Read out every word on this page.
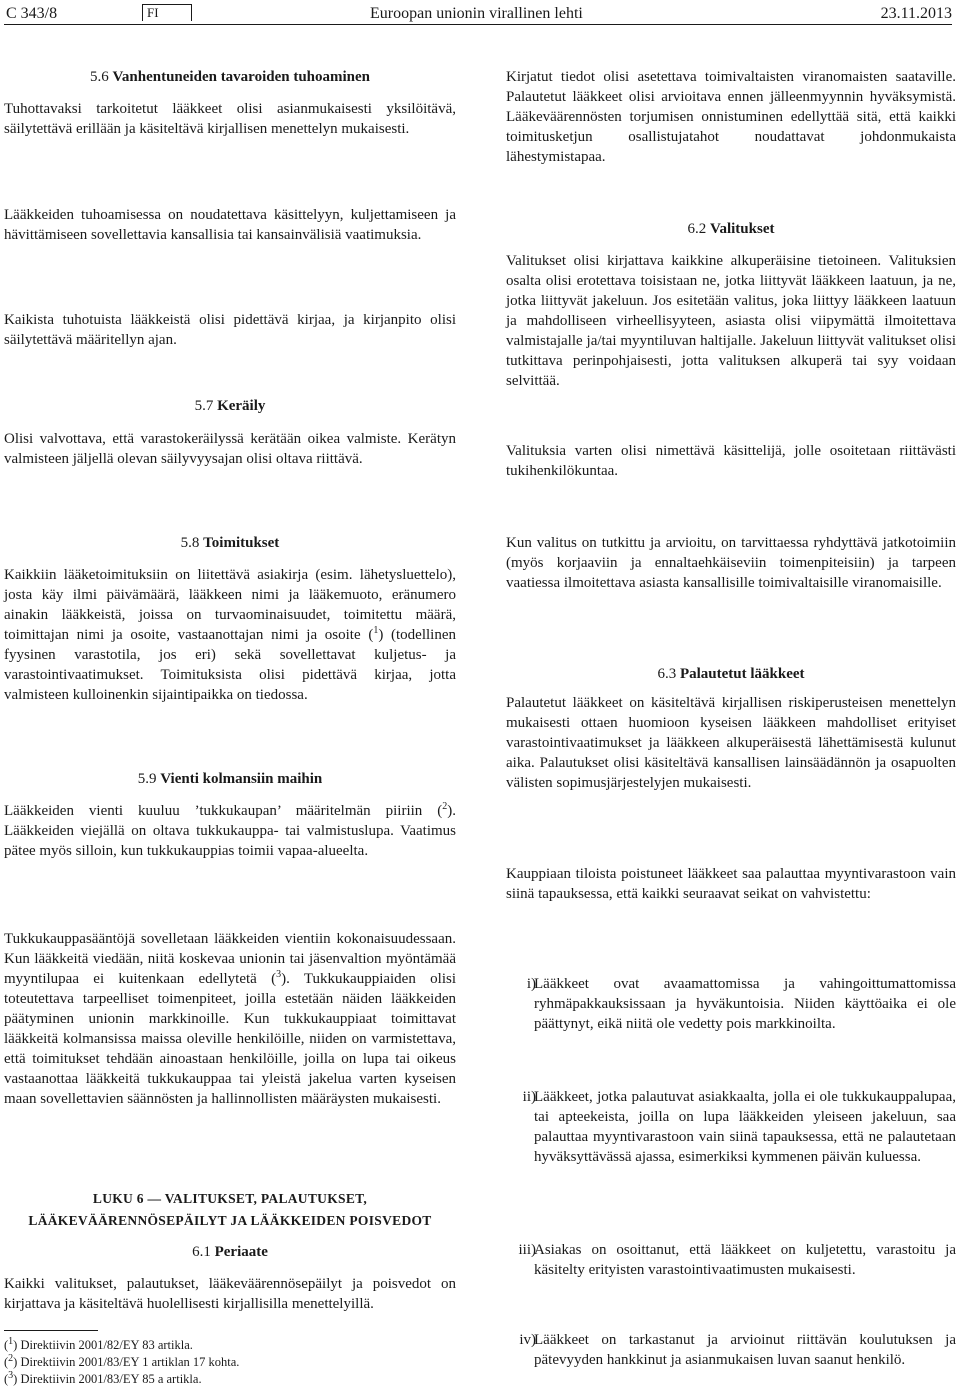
C 343/8	FI	Euroopan unionin virallinen lehti	23.11.2013
5.6 Vanhentuneiden tavaroiden tuhoaminen

Tuhottavaksi tarkoitetut lääkkeet olisi asianmukaisesti yksilöitävä, säilytettävä erillään ja käsiteltävä kirjallisen menettelyn mukaisesti.

Lääkkeiden tuhoamisessa on noudatettava käsittelyyn, kuljettamiseen ja hävittämiseen sovellettavia kansallisia tai kansainvälisiä vaatimuksia.

Kaikista tuhotuista lääkkeistä olisi pidettävä kirjaa, ja kirjanpito olisi säilytettävä määritellyn ajan.

5.7 Keräily

Olisi valvottava, että varastokeräilyssä kerätään oikea valmiste. Kerätyn valmisteen jäljellä olevan säilyvyysajan olisi oltava riittävä.

5.8 Toimitukset

Kaikkiin lääketoimituksiin on liitettävä asiakirja (esim. lähetysluettelo), josta käy ilmi päivämäärä, lääkkeen nimi ja lääkemuoto, eränumero ainakin lääkkeistä, joissa on turvaominaisuudet, toimitettu määrä, toimittajan nimi ja osoite, vastaanottajan nimi ja osoite ($^1$) (todellinen fyysinen varastotila, jos eri) sekä sovellettavat kuljetus- ja varastointivaatimukset. Toimituksista olisi pidettävä kirjaa, jotta valmisteen kulloinenkin sijaintipaikka on tiedossa.

5.9 Vienti kolmansiin maihin

Lääkkeiden vienti kuuluu ’tukkukaupan’ määritelmän piiriin ($^2$). Lääkkeiden viejällä on oltava tukkukauppa- tai valmistuslupa. Vaatimus pätee myös silloin, kun tukkukauppias toimii vapaa-alueelta.

Tukkukauppasääntöjä sovelletaan lääkkeiden vientiin kokonaisuudessaan. Kun lääkkeitä viedään, niitä koskevaa unionin tai jäsenvaltion myöntämää myyntilupaa ei kuitenkaan edellytetä ($^3$). Tukkukauppiaiden olisi toteutettava tarpeelliset toimenpiteet, joilla estetään näiden lääkkeiden päätyminen unionin markkinoille. Kun tukkukauppiaat toimittavat lääkkeitä kolmansissa maissa oleville henkilöille, niiden on varmistettava, että toimitukset tehdään ainoastaan henkilöille, joilla on lupa tai oikeus vastaanottaa lääkkeitä tukkukauppaa tai yleistä jakelua varten kyseisen maan sovellettavien säännösten ja hallinnollisten määräysten mukaisesti.

LUKU 6 — VALITUKSET, PALAUTUKSET,
LÄÄKEVÄÄRENNÖSEPÄILYT JA LÄÄKKEIDEN POISVEDOT
6.1 Periaate

Kaikki valitukset, palautukset, lääkeväärennösepäilyt ja poisvedot on kirjattava ja käsiteltävä huolellisesti kirjallisilla menettelyillä.

($^1$) Direktiivin 2001/82/EY 83 artikla.
($^2$) Direktiivin 2001/83/EY 1 artiklan 17 kohta.
($^3$) Direktiivin 2001/83/EY 85 a artikla.

Kirjatut tiedot olisi asetettava toimivaltaisten viranomaisten saataville. Palautetut lääkkeet olisi arvioitava ennen jälleenmyynnin hyväksymistä. Lääkeväärennösten torjumisen onnistuminen edellyttää sitä, että kaikki toimitusketjun osallistujatahot noudattavat johdonmukaista lähestymistapaa.

6.2 Valitukset

Valitukset olisi kirjattava kaikkine alkuperäisine tietoineen. Valituksien osalta olisi erotettava toisistaan ne, jotka liittyvät lääkkeen laatuun, ja ne, jotka liittyvät jakeluun. Jos esitetään valitus, joka liittyy lääkkeen laatuun ja mahdolliseen virheellisyyteen, asiasta olisi viipymättä ilmoitettava valmistajalle ja/tai myyntiluvan haltijalle. Jakeluun liittyvät valitukset olisi tutkittava perinpohjaisesti, jotta valituksen alkuperä tai syy voidaan selvittää.

Valituksia varten olisi nimettävä käsittelijä, jolle osoitetaan riittävästi tukihenkilökuntaa.

Kun valitus on tutkittu ja arvioitu, on tarvittaessa ryhdyttävä jatkotoimiin (myös korjaaviin ja ennaltaehkäiseviin toimenpiteisiin) ja tarpeen vaatiessa ilmoitettava asiasta kansallisille toimivaltaisille viranomaisille.

6.3 Palautetut lääkkeet

Palautetut lääkkeet on käsiteltävä kirjallisen riskiperusteisen menettelyn mukaisesti ottaen huomioon kyseisen lääkkeen mahdolliset erityiset varastointivaatimukset ja lääkkeen alkuperäisestä lähettämisestä kulunut aika. Palautukset olisi käsiteltävä kansallisen lainsäädännön ja osapuolten välisten sopimusjärjestelyjen mukaisesti.

Kauppiaan tiloista poistuneet lääkkeet saa palauttaa myyntivarastoon vain siinä tapauksessa, että kaikki seuraavat seikat on vahvistettu:

i)
Lääkkeet ovat avaamattomissa ja vahingoittumattomissa ryhmäpakkauksissaan ja hyväkuntoisia. Niiden käyttöaika ei ole päättynyt, eikä niitä ole vedetty pois markkinoilta.
ii)
Lääkkeet, jotka palautuvat asiakkaalta, jolla ei ole tukkukauppalupaa, tai apteekeista, joilla on lupa lääkkeiden yleiseen jakeluun, saa palauttaa myyntivarastoon vain siinä tapauksessa, että ne palautetaan hyväksyttävässä ajassa, esimerkiksi kymmenen päivän kuluessa.
iii)
Asiakas on osoittanut, että lääkkeet on kuljetettu, varastoitu ja käsitelty erityisten varastointivaatimusten mukaisesti.
iv)
Lääkkeet on tarkastanut ja arvioinut riittävän koulutuksen ja pätevyyden hankkinut ja asianmukaisen luvan saanut henkilö.
